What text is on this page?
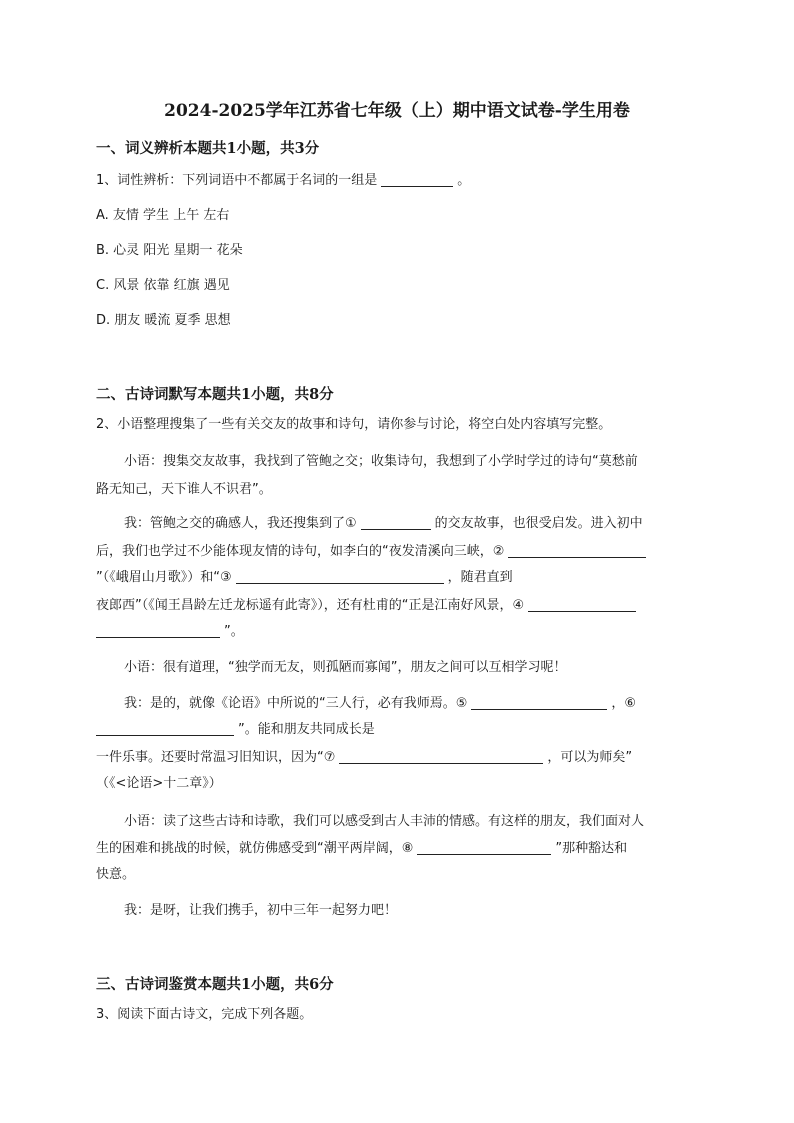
2024-2025学年江苏省七年级（上）期中语文试卷-学生用卷
一、词义辨析本题共1小题，共3分
1、词性辨析：下列词语中不都属于名词的一组是	。
A. 友情 学生 上午 左右
B. 心灵 阳光 星期一 花朵
C. 风景 依靠 红旗 遇见
D. 朋友 暖流 夏季 思想
二、古诗词默写本题共1小题，共8分
2、小语整理搜集了一些有关交友的故事和诗句，请你参与讨论，将空白处内容填写完整。
小语：搜集交友故事，我找到了管鲍之交；收集诗句，我想到了小学时学过的诗句“莫愁前
路无知己，天下谁人不识君”。
我：管鲍之交的确感人，我还搜集到了①	的交友故事，也很受启发。进入初中
后，我们也学过不少能体现友情的诗句，如李白的“夜发清溪向三峡，②
”（《峨眉山月歌》）和“③	，随君直到
夜郎西”（《闻王昌龄左迁龙标遥有此寄》），还有杜甫的“正是江南好风景，④
”。
小语：很有道理，“独学而无友，则孤陋而寡闻”，朋友之间可以互相学习呢！
我：是的，就像《论语》中所说的“三人行，必有我师焉。⑤	，⑥
”。能和朋友共同成长是
一件乐事。还要时常温习旧知识，因为“⑦	，可以为师矣”
（《<论语>十二章》）
小语：读了这些古诗和诗歌，我们可以感受到古人丰沛的情感。有这样的朋友，我们面对人
生的困难和挑战的时候，就仿佛感受到“潮平两岸阔，⑧	”那种豁达和
快意。
我：是呀，让我们携手，初中三年一起努力吧！
三、古诗词鉴赏本题共1小题，共6分
3、阅读下面古诗文，完成下列各题。
